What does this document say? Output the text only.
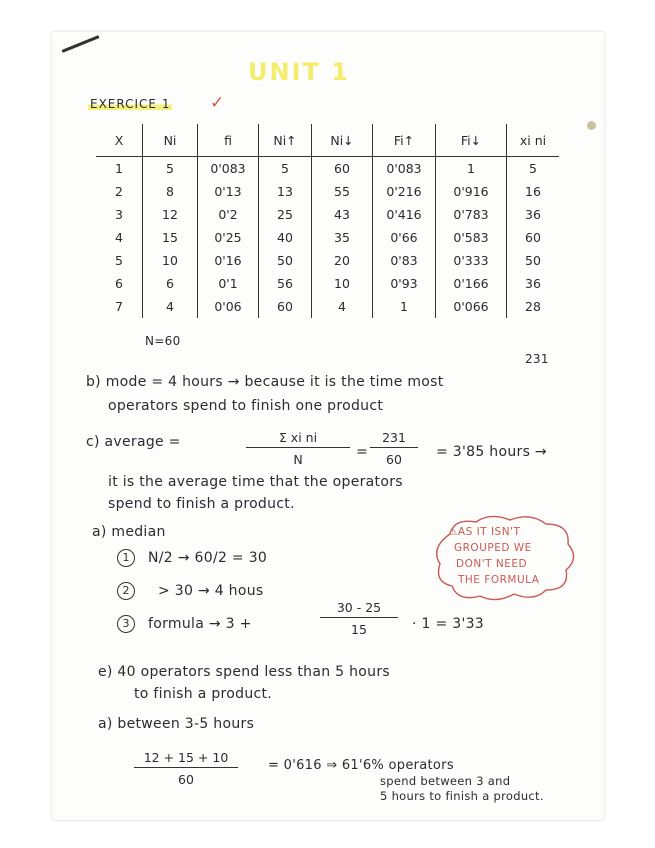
UNIT 1
EXERCICE 1 ✓
X	Ni	fi	Ni↑	Ni↓	Fi↑	Fi↓	xi ni
1	5	0'083	5	60	0'083	1	5
2	8	0'13	13	55	0'216	0'916	16
3	12	0'2	25	43	0'416	0'783	36
4	15	0'25	40	35	0'66	0'583	60
5	10	0'16	50	20	0'83	0'333	50
6	6	0'1	56	10	0'93	0'166	36
7	4	0'06	60	4	1	0'066	28
N=60
231
b) mode = 4 hours → because it is the time most
operators spend to finish one product
c) average =	Σ xi ni
N	=
231
60	= 3'85 hours →
it is the average time that the operators
spend to finish a product.
a) median
1	N/2 → 60/2 = 30
2	> 30 → 4 hous
3	formula → 3 +
30 - 25
15	· 1 = 3'33
⚠AS IT ISN'T
GROUPED WE
DON'T NEED
THE FORMULA
e) 40 operators spend less than 5 hours
to finish a product.
a) between 3-5 hours
12 + 15 + 10
60
= 0'616 ⇒ 61'6% operators
spend between 3 and
5 hours to finish a product.
